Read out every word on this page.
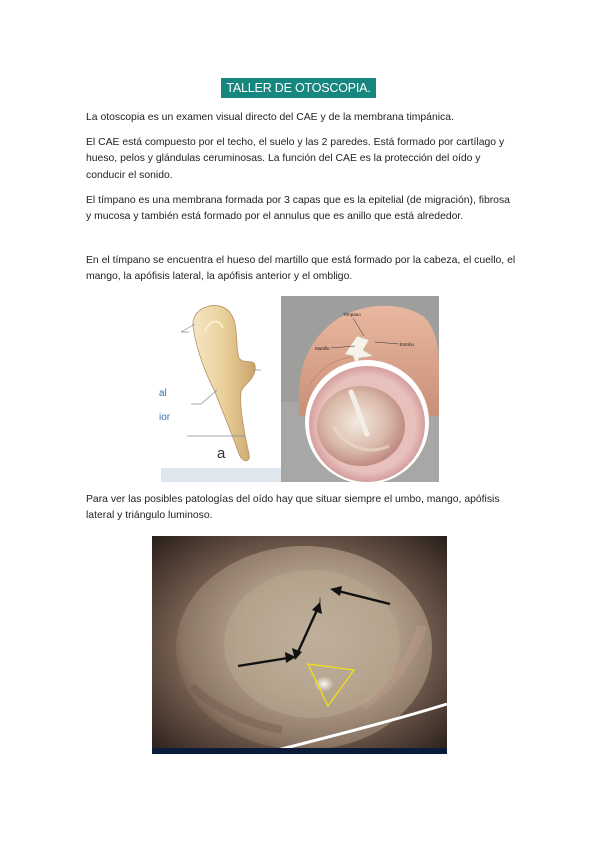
TALLER DE OTOSCOPIA.

La otoscopia es un examen visual directo del CAE y de la membrana timpánica.

El CAE está compuesto por el techo, el suelo y las 2 paredes. Está formado por cartílago y hueso, pelos y glándulas ceruminosas. La función del CAE es la protección del oído y conducir el sonido.

El tímpano es una membrana formada por 3 capas que es la epitelial (de migración), fibrosa y mucosa y también está formado por el annulus que es anillo que está alrededor.

En el tímpano se encuentra el hueso del martillo que está formado por la cabeza, el cuello, el mango, la apófisis lateral, la apófisis anterior y el ombligo.

a
al
ior
Tímpano
Martillo
Estribo

Para ver las posibles patologías del oído hay que situar siempre el umbo, mango, apófisis lateral y triángulo luminoso.

i
